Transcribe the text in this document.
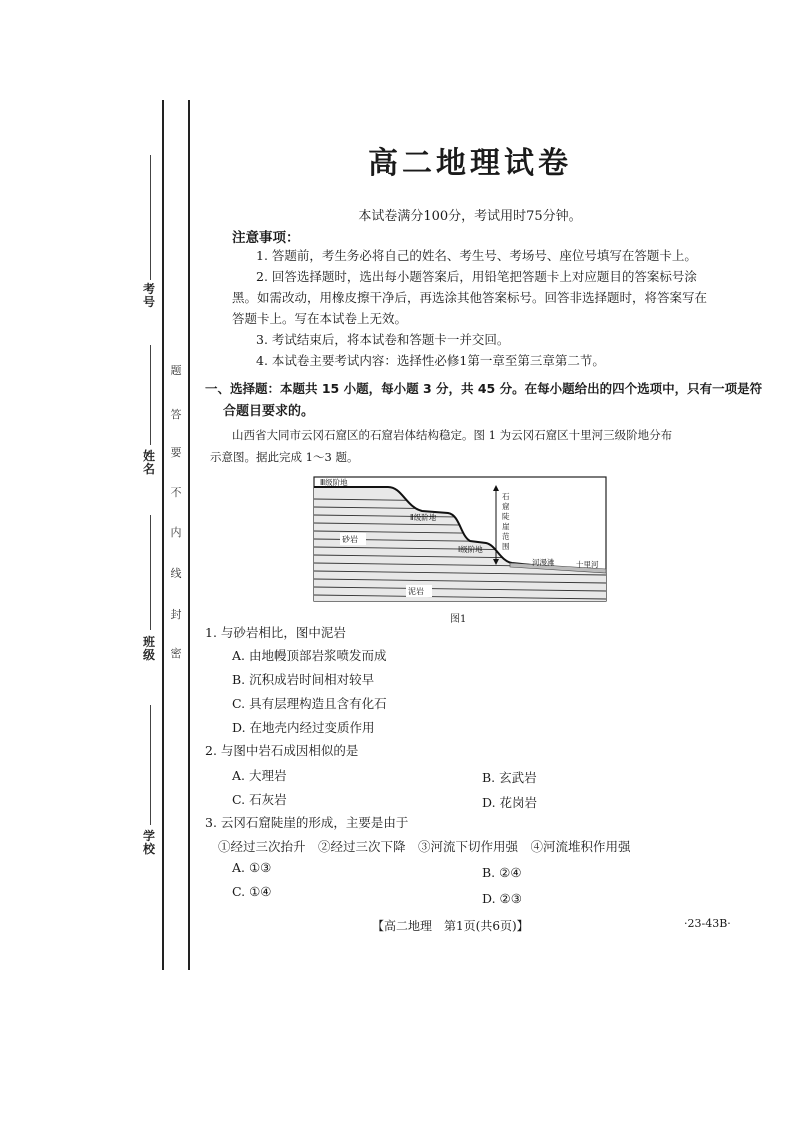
考号
姓名
班级
学校
题
答
要
不
内
线
封
密
高二地理试卷
本试卷满分100分，考试用时75分钟。
注意事项：
1. 答题前，考生务必将自己的姓名、考生号、考场号、座位号填写在答题卡上。
2. 回答选择题时，选出每小题答案后，用铅笔把答题卡上对应题目的答案标号涂
黑。如需改动，用橡皮擦干净后，再选涂其他答案标号。回答非选择题时，将答案写在
答题卡上。写在本试卷上无效。
3. 考试结束后，将本试卷和答题卡一并交回。
4. 本试卷主要考试内容：选择性必修1第一章至第三章第二节。
一、选择题：本题共 15 小题，每小题 3 分，共 45 分。在每小题给出的四个选项中，只有一项是符
合题目要求的。
山西省大同市云冈石窟区的石窟岩体结构稳定。图 1 为云冈石窟区十里河三级阶地分布
示意图。据此完成 1～3 题。
Ⅲ级阶地
Ⅱ级阶地
Ⅰ级阶地
河漫滩	十里河
砂岩
泥岩
石
窟
陡
崖
范
围
图1
1. 与砂岩相比，图中泥岩
A. 由地幔顶部岩浆喷发而成
B. 沉积成岩时间相对较早
C. 具有层理构造且含有化石
D. 在地壳内经过变质作用
2. 与图中岩石成因相似的是
A. 大理岩	B. 玄武岩
C. 石灰岩	D. 花岗岩
3. 云冈石窟陡崖的形成，主要是由于
①经过三次抬升　②经过三次下降　③河流下切作用强　④河流堆积作用强
A. ①③	B. ②④
C. ①④	D. ②③
【高二地理　第1页(共6页)】	·23-43B·
